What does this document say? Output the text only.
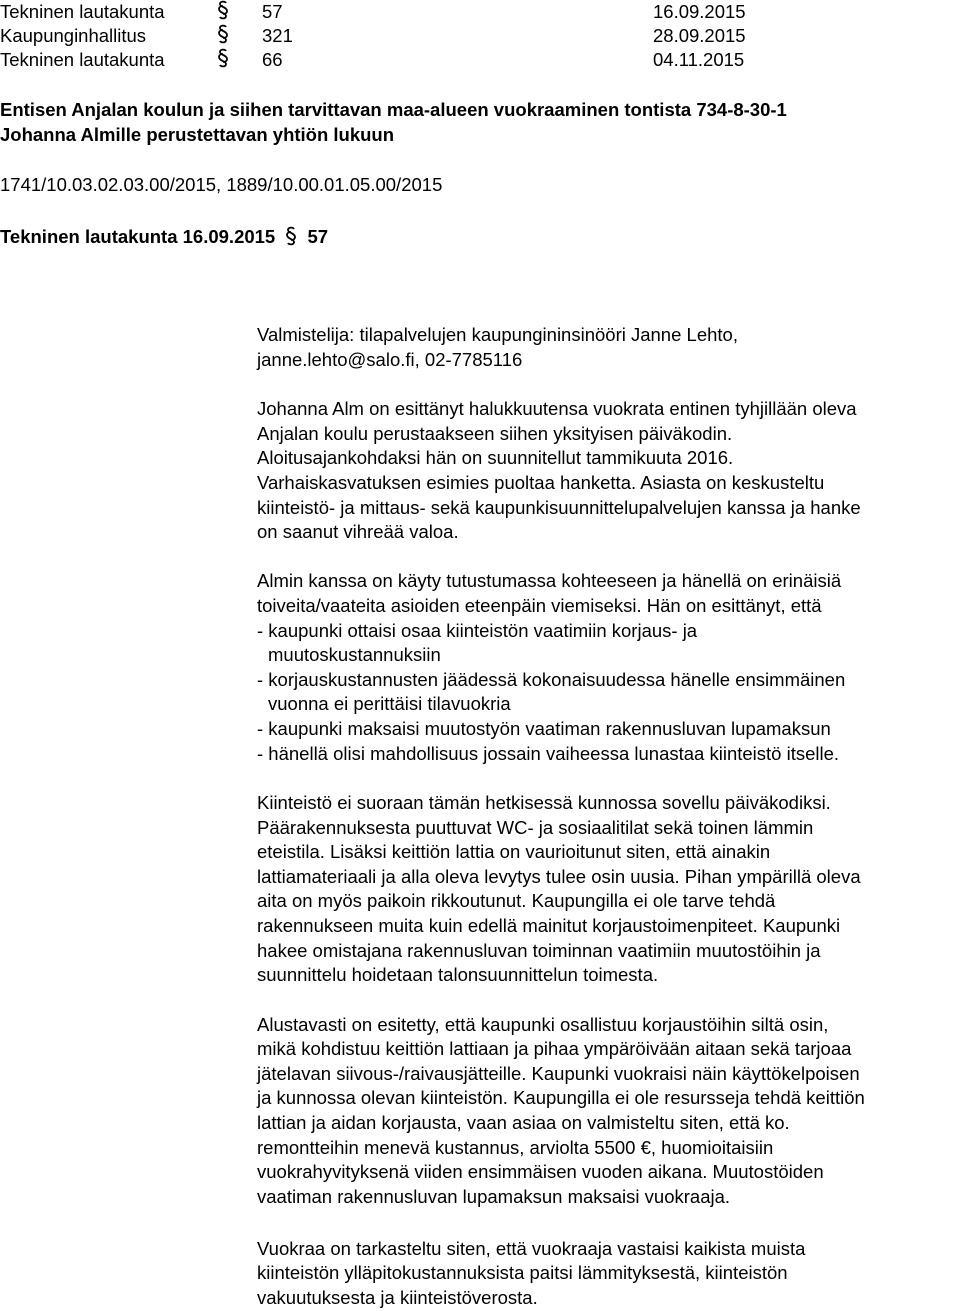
Tekninen lautakunta	57	16.09.2015
Kaupunginhallitus	321	28.09.2015
Tekninen lautakunta	66	04.11.2015
Entisen Anjalan koulun ja siihen tarvittavan maa-alueen vuokraaminen tontista 734-8-30-1
Johanna Almille perustettavan yhtiön lukuun
1741/10.03.02.03.00/2015, 1889/10.00.01.05.00/2015
Tekninen lautakunta 16.09.2015 57
Valmistelija: tilapalvelujen kaupungininsinööri Janne Lehto,
janne.lehto@salo.fi, 02-7785116
Johanna Alm on esittänyt halukkuutensa vuokrata entinen tyhjillään oleva
Anjalan koulu perustaakseen siihen yksityisen päiväkodin.
Aloitusajankohdaksi hän on suunnitellut tammikuuta 2016.
Varhaiskasvatuksen esimies puoltaa hanketta. Asiasta on keskusteltu
kiinteistö- ja mittaus- sekä kaupunkisuunnittelupalvelujen kanssa ja hanke
on saanut vihreää valoa.
Almin kanssa on käyty tutustumassa kohteeseen ja hänellä on erinäisiä
toiveita/vaateita asioiden eteenpäin viemiseksi. Hän on esittänyt, että
- kaupunki ottaisi osaa kiinteistön vaatimiin korjaus- ja
muutoskustannuksiin
- korjauskustannusten jäädessä kokonaisuudessa hänelle ensimmäinen
vuonna ei perittäisi tilavuokria
- kaupunki maksaisi muutostyön vaatiman rakennusluvan lupamaksun
- hänellä olisi mahdollisuus jossain vaiheessa lunastaa kiinteistö itselle.
Kiinteistö ei suoraan tämän hetkisessä kunnossa sovellu päiväkodiksi.
Päärakennuksesta puuttuvat WC- ja sosiaalitilat sekä toinen lämmin
eteistila. Lisäksi keittiön lattia on vaurioitunut siten, että ainakin
lattiamateriaali ja alla oleva levytys tulee osin uusia. Pihan ympärillä oleva
aita on myös paikoin rikkoutunut. Kaupungilla ei ole tarve tehdä
rakennukseen muita kuin edellä mainitut korjaustoimenpiteet. Kaupunki
hakee omistajana rakennusluvan toiminnan vaatimiin muutostöihin ja
suunnittelu hoidetaan talonsuunnittelun toimesta.
Alustavasti on esitetty, että kaupunki osallistuu korjaustöihin siltä osin,
mikä kohdistuu keittiön lattiaan ja pihaa ympäröivään aitaan sekä tarjoaa
jätelavan siivous-/raivausjätteille. Kaupunki vuokraisi näin käyttökelpoisen
ja kunnossa olevan kiinteistön. Kaupungilla ei ole resursseja tehdä keittiön
lattian ja aidan korjausta, vaan asiaa on valmisteltu siten, että ko.
remontteihin menevä kustannus, arviolta 5500 €, huomioitaisiin
vuokrahyvityksenä viiden ensimmäisen vuoden aikana. Muutostöiden
vaatiman rakennusluvan lupamaksun maksaisi vuokraaja.
Vuokraa on tarkasteltu siten, että vuokraaja vastaisi kaikista muista
kiinteistön ylläpitokustannuksista paitsi lämmityksestä, kiinteistön
vakuutuksesta ja kiinteistöverosta.
